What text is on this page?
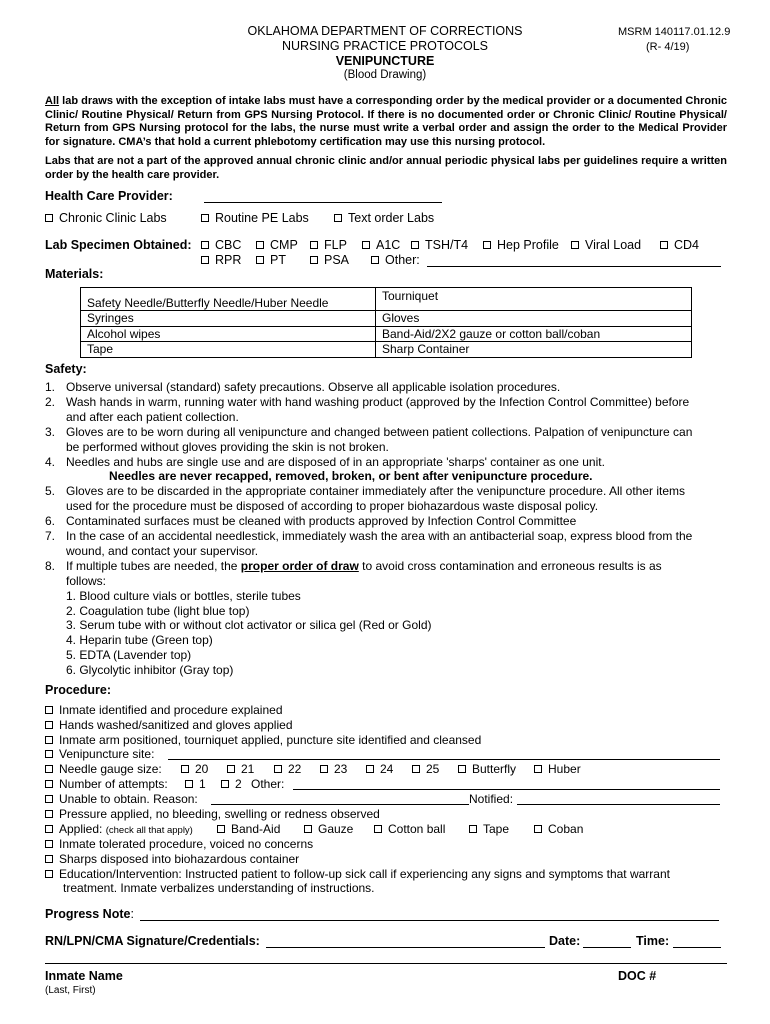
OKLAHOMA DEPARTMENT OF CORRECTIONS
NURSING PRACTICE PROTOCOLS
VENIPUNCTURE
(Blood Drawing)
MSRM 140117.01.12.9
(R- 4/19)
All lab draws with the exception of intake labs must have a corresponding order by the medical provider or a documented Chronic Clinic/ Routine Physical/ Return from GPS Nursing Protocol. If there is no documented order or Chronic Clinic/ Routine Physical/ Return from GPS Nursing protocol for the labs, the nurse must write a verbal order and assign the order to the Medical Provider for signature. CMA’s that hold a current phlebotomy certification may use this nursing protocol.
Labs that are not a part of the approved annual chronic clinic and/or annual periodic physical labs per guidelines require a written order by the health care provider.
Health Care Provider:
Chronic Clinic Labs	Routine PE Labs	Text order Labs
Lab Specimen Obtained:	CBC	CMP	FLP	A1C	TSH/T4	Hep Profile	Viral Load	CD4
RPR	PT	PSA	Other:
Materials:
Safety Needle/Butterfly Needle/Huber Needle	Tourniquet
Syringes	Gloves
Alcohol wipes	Band-Aid/2X2 gauze or cotton ball/coban
Tape	Sharp Container
Safety:
1. Observe universal (standard) safety precautions. Observe all applicable isolation procedures.
2. Wash hands in warm, running water with hand washing product (approved by the Infection Control Committee) before
and after each patient collection.
3. Gloves are to be worn during all venipuncture and changed between patient collections. Palpation of venipuncture can
be performed without gloves providing the skin is not broken.
4. Needles and hubs are single use and are disposed of in an appropriate 'sharps' container as one unit.
Needles are never recapped, removed, broken, or bent after venipuncture procedure.
5. Gloves are to be discarded in the appropriate container immediately after the venipuncture procedure. All other items
used for the procedure must be disposed of according to proper biohazardous waste disposal policy.
6. Contaminated surfaces must be cleaned with products approved by Infection Control Committee
7. In the case of an accidental needlestick, immediately wash the area with an antibacterial soap, express blood from the
wound, and contact your supervisor.
8. If multiple tubes are needed, the proper order of draw to avoid cross contamination and erroneous results is as
follows:
1. Blood culture vials or bottles, sterile tubes
2. Coagulation tube (light blue top)
3. Serum tube with or without clot activator or silica gel (Red or Gold)
4. Heparin tube (Green top)
5. EDTA (Lavender top)
6. Glycolytic inhibitor (Gray top)
Procedure:
Inmate identified and procedure explained
Hands washed/sanitized and gloves applied
Inmate arm positioned, tourniquet applied, puncture site identified and cleansed
Venipuncture site:
Needle gauge size:	20	21	22	23	24	25	Butterfly	Huber
Number of attempts:	1	2 Other:
Unable to obtain. Reason:	Notified:
Pressure applied, no bleeding, swelling or redness observed
Applied: (check all that apply)	Band-Aid	Gauze	Cotton ball	Tape	Coban
Inmate tolerated procedure, voiced no concerns
Sharps disposed into biohazardous container
Education/Intervention: Instructed patient to follow-up sick call if experiencing any signs and symptoms that warrant
treatment. Inmate verbalizes understanding of instructions.
Progress Note:
RN/LPN/CMA Signature/Credentials:	Date:	Time:
Inmate Name
(Last, First)
DOC #
